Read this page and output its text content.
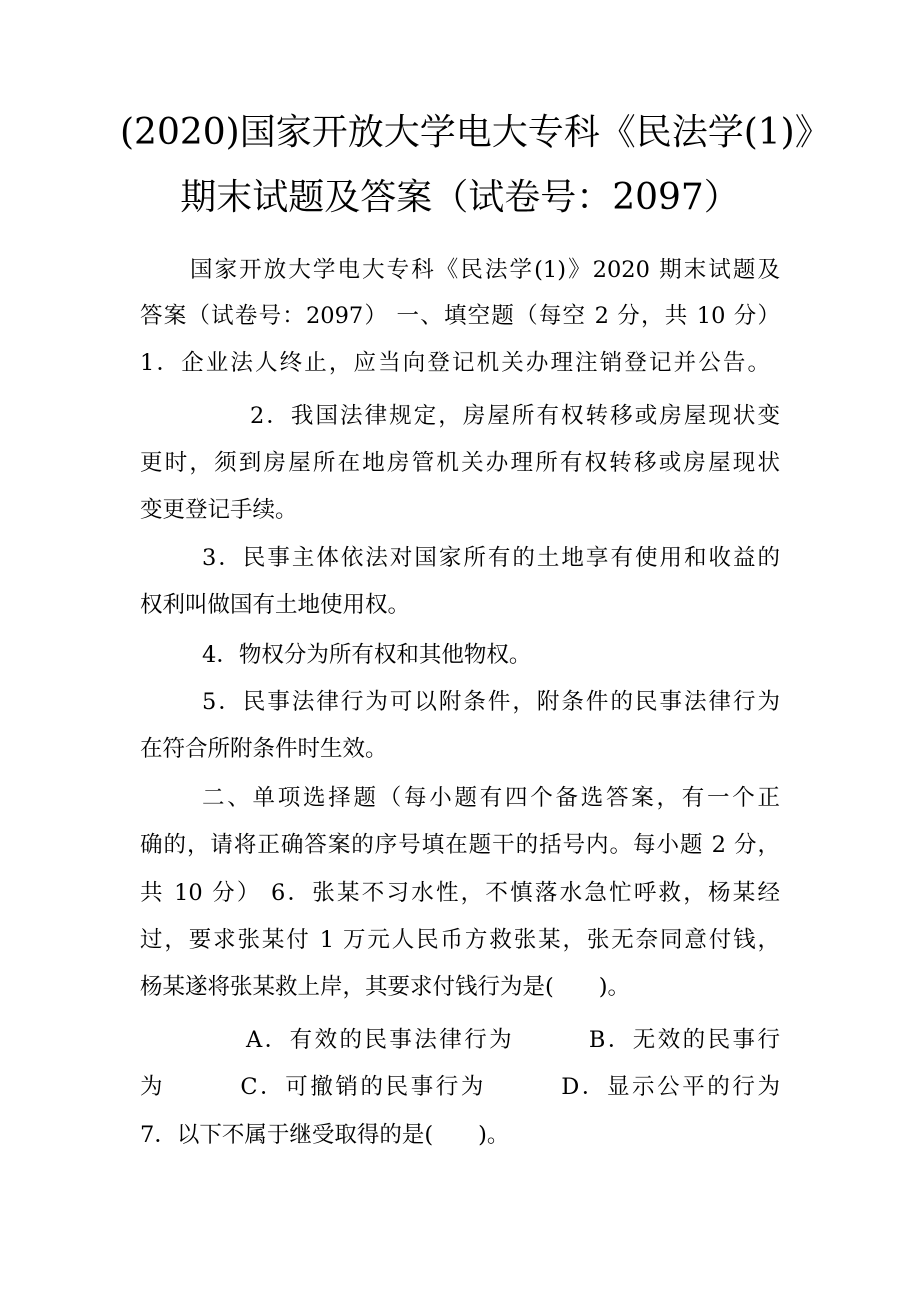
(2020)国家开放大学电大专科《民法学(1)》
期末试题及答案（试卷号：2097）
国家开放大学电大专科《民法学(1)》2020 期末试题及
答案（试卷号：2097） 一、填空题（每空 2 分，共 10 分）
1．企业法人终止，应当向登记机关办理注销登记并公告。
2．我国法律规定，房屋所有权转移或房屋现状变
更时，须到房屋所在地房管机关办理所有权转移或房屋现状
变更登记手续。
3．民事主体依法对国家所有的土地享有使用和收益的
权利叫做国有土地使用权。
4．物权分为所有权和其他物权。
5．民事法律行为可以附条件，附条件的民事法律行为
在符合所附条件时生效。
二、单项选择题（每小题有四个备选答案，有一个正
确的，请将正确答案的序号填在题干的括号内。每小题 2 分，
共 10 分） 6．张某不习水性，不慎落水急忙呼救，杨某经
过，要求张某付 1 万元人民币方救张某，张无奈同意付钱，
杨某遂将张某救上岸，其要求付钱行为是(　　)。
A．有效的民事法律行为　　　B．无效的民事行
为　　　C．可撤销的民事行为　　　D．显示公平的行为
7．以下不属于继受取得的是(　　)。
